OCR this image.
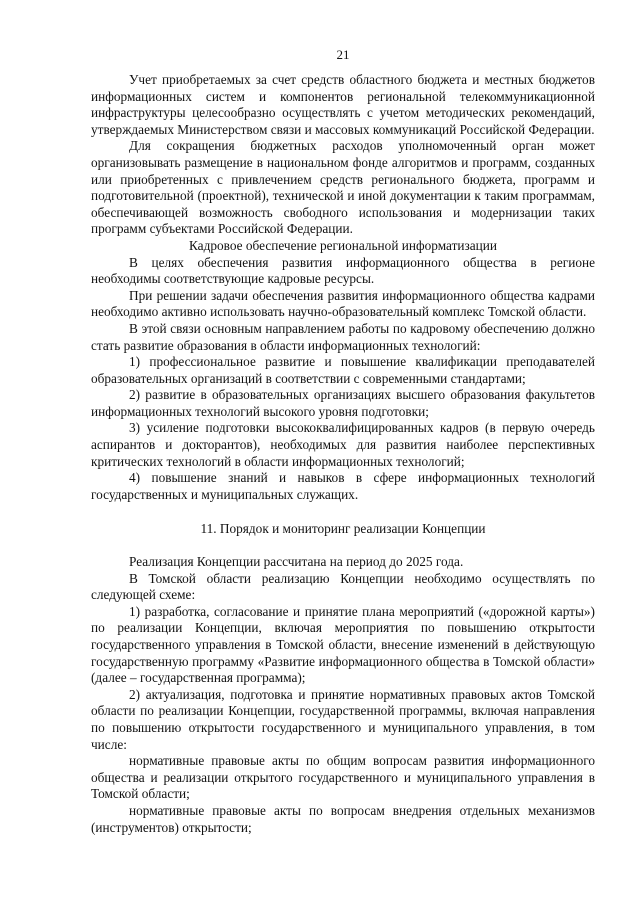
21

Учет приобретаемых за счет средств областного бюджета и местных бюджетов информационных систем и компонентов региональной телекоммуникационной инфраструктуры целесообразно осуществлять с учетом методических рекомендаций, утверждаемых Министерством связи и массовых коммуникаций Российской Федерации.

Для сокращения бюджетных расходов уполномоченный орган может организовывать размещение в национальном фонде алгоритмов и программ, созданных или приобретенных с привлечением средств регионального бюджета, программ и подготовительной (проектной), технической и иной документации к таким программам, обеспечивающей возможность свободного использования и модернизации таких программ субъектами Российской Федерации.

Кадровое обеспечение региональной информатизации

В целях обеспечения развития информационного общества в регионе необходимы соответствующие кадровые ресурсы.

При решении задачи обеспечения развития информационного общества кадрами необходимо активно использовать научно-образовательный комплекс Томской области.

В этой связи основным направлением работы по кадровому обеспечению должно стать развитие образования в области информационных технологий:

1) профессиональное развитие и повышение квалификации преподавателей образовательных организаций в соответствии с современными стандартами;

2) развитие в образовательных организациях высшего образования факультетов информационных технологий высокого уровня подготовки;

3) усиление подготовки высококвалифицированных кадров (в первую очередь аспирантов и докторантов), необходимых для развития наиболее перспективных критических технологий в области информационных технологий;

4) повышение знаний и навыков в сфере информационных технологий государственных и муниципальных служащих.

11. Порядок и мониторинг реализации Концепции

Реализация Концепции рассчитана на период до 2025 года.

В Томской области реализацию Концепции необходимо осуществлять по следующей схеме:

1) разработка, согласование и принятие плана мероприятий («дорожной карты») по реализации Концепции, включая мероприятия по повышению открытости государственного управления в Томской области, внесение изменений в действующую государственную программу «Развитие информационного общества в Томской области» (далее – государственная программа);

2) актуализация, подготовка и принятие нормативных правовых актов Томской области по реализации Концепции, государственной программы, включая направления по повышению открытости государственного и муниципального управления, в том числе:

нормативные правовые акты по общим вопросам развития информационного общества и реализации открытого государственного и муниципального управления в Томской области;

нормативные правовые акты по вопросам внедрения отдельных механизмов (инструментов) открытости;
